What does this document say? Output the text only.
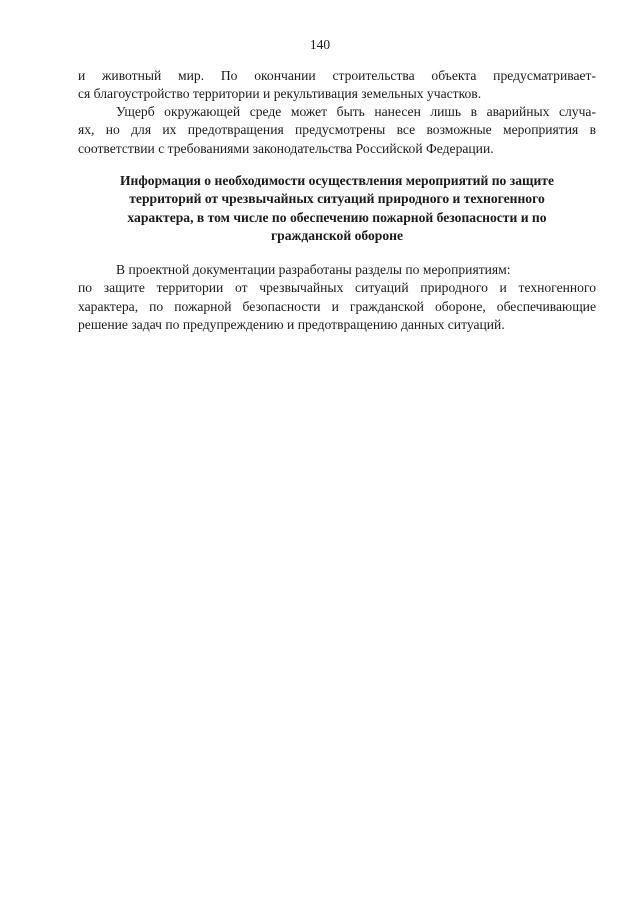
140
и животный мир. По окончании строительства объекта предусматривает-
ся благоустройство территории и рекультивация земельных участков.
Ущерб окружающей среде может быть нанесен лишь в аварийных случа-
ях, но для их предотвращения предусмотрены все возможные мероприятия в
соответствии с требованиями законодательства Российской Федерации.
Информация о необходимости осуществления мероприятий по защите
территорий от чрезвычайных ситуаций природного и техногенного
характера, в том числе по обеспечению пожарной безопасности и по
гражданской обороне
В проектной документации разработаны разделы по мероприятиям:
по защите территории от чрезвычайных ситуаций природного и техногенного
характера, по пожарной безопасности и гражданской обороне, обеспечивающие
решение задач по предупреждению и предотвращению данных ситуаций.
